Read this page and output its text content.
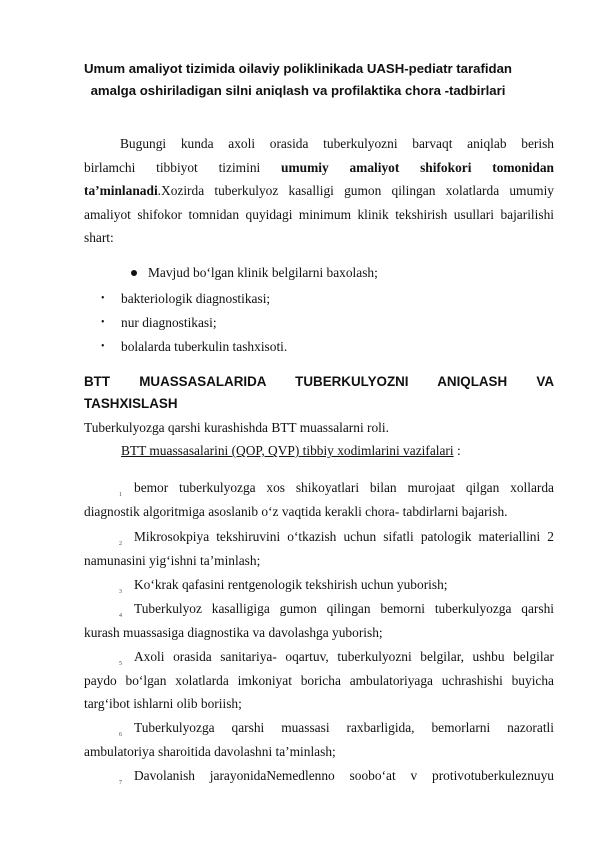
Umum amaliyot tizimida oilaviy poliklinikada UASH-pediatr tarafidan
amalga oshiriladigan silni aniqlash va profilaktika chora -tadbirlari
Bugungi kunda axoli orasida tuberkulyozni barvaqt aniqlab berish
birlamchi tibbiyot tizimini umumiy amaliyot shifokori tomonidan
ta’minlanadi.Xozirda tuberkulyoz kasalligi gumon qilingan xolatlarda umumiy
amaliyot shifokor tomnidan quyidagi minimum klinik tekshirish usullari bajarilishi
shart:
Mavjud bo‘lgan klinik belgilarni baxolash;
• bakteriologik diagnostikasi;
• nur diagnostikasi;
• bolalarda tuberkulin tashxisoti.
BTT MUASSASALARIDA TUBERKULYOZNI ANIQLASH VA
TASHXISLASH
Tuberkulyozga qarshi kurashishda BTT muassalarni roli.
BTT muassasalarini (QOP, QVP) tibbiy xodimlarini vazifalari :
1 bemor tuberkulyozga xos shikoyatlari bilan murojaat qilgan xollarda
diagnostik algoritmiga asoslanib o‘z vaqtida kerakli chora- tabdirlarni bajarish.
2 Mikrosokpiya tekshiruvini o‘tkazish uchun sifatli patologik materiallini 2
namunasini yig‘ishni ta’minlash;
3 Ko‘krak qafasini rentgenologik tekshirish uchun yuborish;
4 Tuberkulyoz kasalligiga gumon qilingan bemorni tuberkulyozga qarshi
kurash muassasiga diagnostika va davolashga yuborish;
5 Axoli orasida sanitariya- oqartuv, tuberkulyozni belgilar, ushbu belgilar
paydo bo‘lgan xolatlarda imkoniyat boricha ambulatoriyaga uchrashishi buyicha targ‘ibot ishlarni olib boriish;
6 Tuberkulyozga qarshi muassasi raxbarligida, bemorlarni nazoratli
ambulatoriya sharoitida davolashni ta’minlash;
7 Davolanish jarayonidaNemedlenno soobo‘at v protivotuberkuleznuyu
